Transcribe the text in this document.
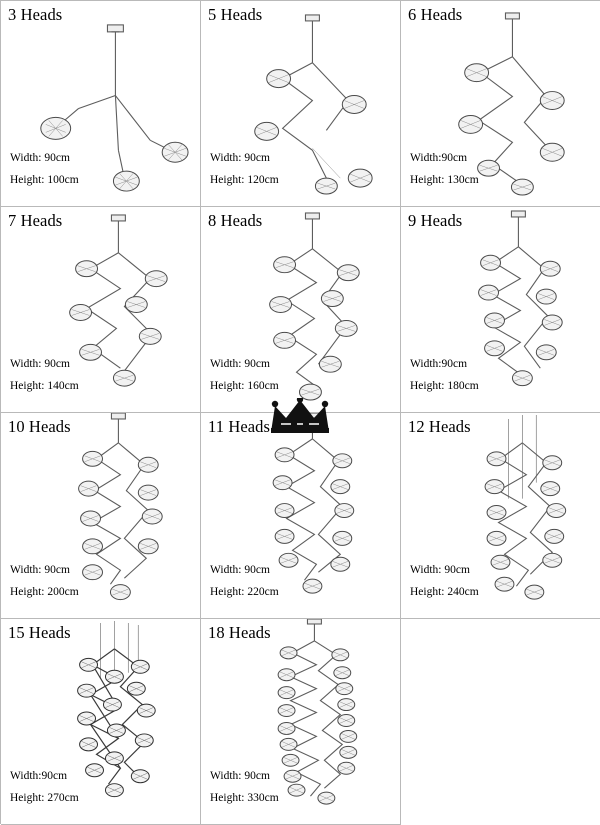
3 Heads
Width: 90cm
Height: 100cm
5 Heads
Width: 90cm
Height: 120cm
6 Heads
Width:90cm
Height: 130cm
7 Heads
Width: 90cm
Height: 140cm
8 Heads
Width: 90cm
Height: 160cm
9 Heads
Width:90cm
Height: 180cm
10 Heads
Width: 90cm
Height: 200cm
11 Heads
Width: 90cm
Height: 220cm
12 Heads
Width: 90cm
Height: 240cm
15 Heads
Width:90cm
Height: 270cm
18 Heads
Width: 90cm
Height: 330cm
